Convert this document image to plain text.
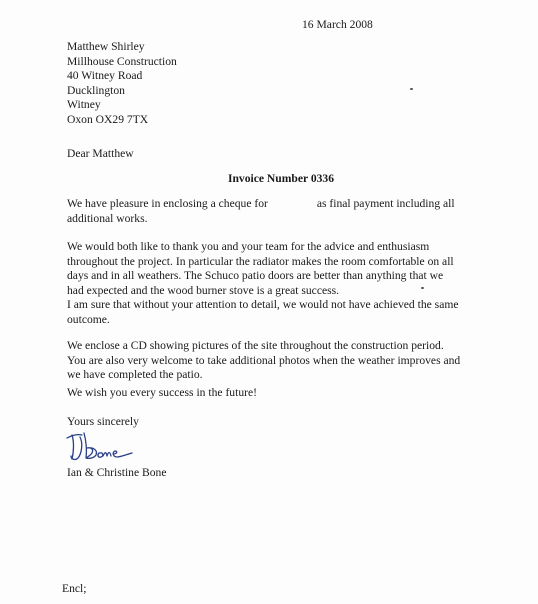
16 March 2008
Matthew Shirley
Millhouse Construction
40 Witney Road
Ducklington
Witney
Oxon OX29 7TX
Dear Matthew
Invoice Number 0336

We have pleasure in enclosing a cheque for	as final payment including all additional works.

We would both like to thank you and your team for the advice and enthusiasm throughout the project. In particular the radiator makes the room comfortable on all days and in all weathers. The Schuco patio doors are better than anything that we had expected and the wood burner stove is a great success.

I am sure that without your attention to detail, we would not have achieved the same outcome.

We enclose a CD showing pictures of the site throughout the construction period. You are also very welcome to take additional photos when the weather improves and we have completed the patio.

We wish you every success in the future!

Yours sincerely
Ian & Christine Bone
Encl;
